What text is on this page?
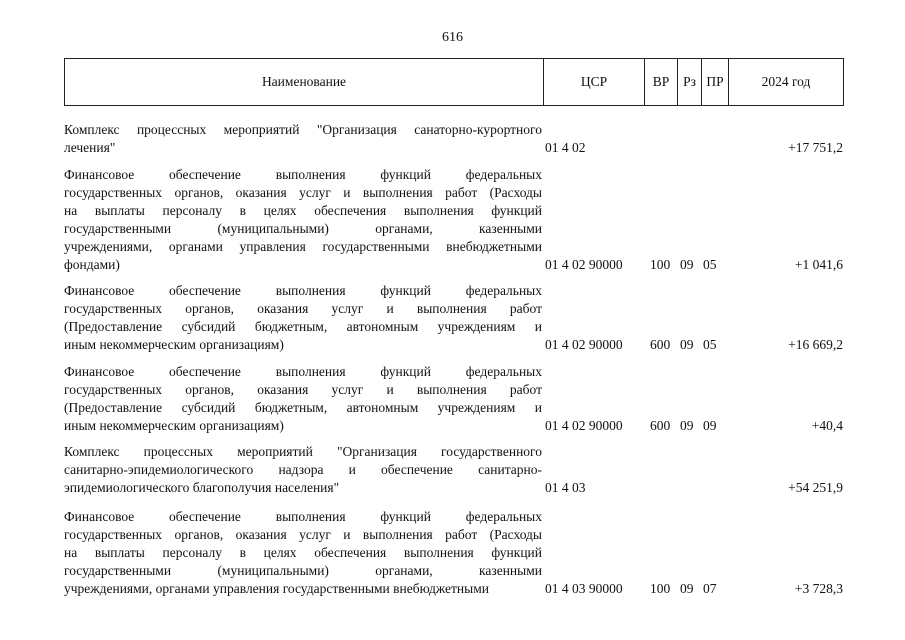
616
Наименование	ЦСР	ВР	Рз ПР	2024 год
Комплекс процессных мероприятий "Организация санаторно-курортного
лечения"	01 4 02	+17 751,2
Финансовое обеспечение выполнения функций федеральных
государственных органов, оказания услуг и выполнения работ (Расходы
на выплаты персоналу в целях обеспечения выполнения функций
государственными (муниципальными) органами, казенными
учреждениями, органами управления государственными внебюджетными
фондами)	01 4 02 90000 100 09 05	+1 041,6
Финансовое обеспечение выполнения функций федеральных
государственных органов, оказания услуг и выполнения работ
(Предоставление субсидий бюджетным, автономным учреждениям и
иным некоммерческим организациям)	01 4 02 90000 600 09 05	+16 669,2
Финансовое обеспечение выполнения функций федеральных
государственных органов, оказания услуг и выполнения работ
(Предоставление субсидий бюджетным, автономным учреждениям и
иным некоммерческим организациям)	01 4 02 90000 600 09 09	+40,4
Комплекс процессных мероприятий "Организация государственного
санитарно-эпидемиологического надзора и обеспечение санитарно-
эпидемиологического благополучия населения"	01 4 03	+54 251,9
Финансовое обеспечение выполнения функций федеральных
государственных органов, оказания услуг и выполнения работ (Расходы
на выплаты персоналу в целях обеспечения выполнения функций
государственными (муниципальными) органами, казенными
учреждениями, органами управления государственными внебюджетными	01 4 03 90000 100 09 07	+3 728,3
